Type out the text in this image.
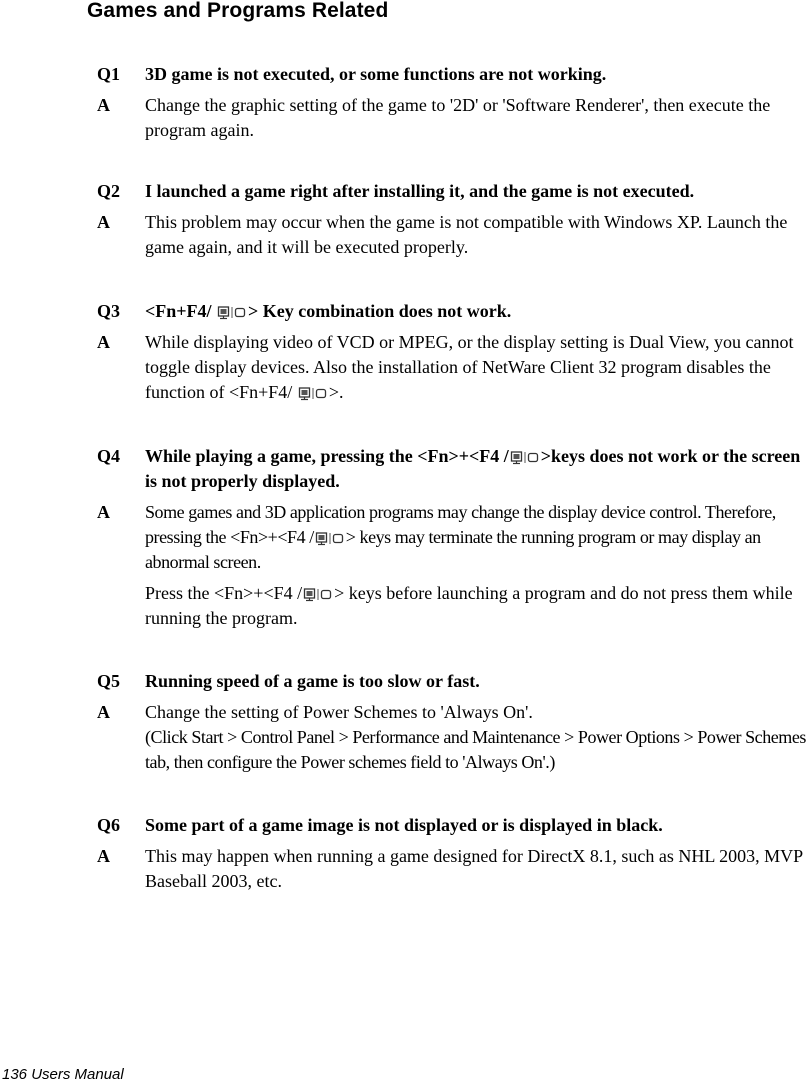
Games and Programs Related
Q1 3D game is not executed, or some functions are not working.
A Change the graphic setting of the game to '2D' or 'Software Renderer', then execute the program again.
Q2 I launched a game right after installing it, and the game is not executed.
A This problem may occur when the game is not compatible with Windows XP. Launch the game again, and it will be executed properly.
Q3 <Fn+F4/ > Key combination does not work.
A While displaying video of VCD or MPEG, or the display setting is Dual View, you cannot toggle display devices. Also the installation of NetWare Client 32 program disables the function of <Fn+F4/ >.
Q4 While playing a game, pressing the <Fn>+<F4 / >keys does not work or the screen is not properly displayed.
A Some games and 3D application programs may change the display device control. Therefore, pressing the <Fn>+<F4 / > keys may terminate the running program or may display an abnormal screen.
Press the <Fn>+<F4 / > keys before launching a program and do not press them while running the program.
Q5 Running speed of a game is too slow or fast.
A Change the setting of Power Schemes to 'Always On'.
(Click Start > Control Panel > Performance and Maintenance > Power Options > Power Schemes tab, then configure the Power schemes field to 'Always On'.)
Q6 Some part of a game image is not displayed or is displayed in black.
A This may happen when running a game designed for DirectX 8.1, such as NHL 2003, MVP Baseball 2003, etc.
136 Users Manual
